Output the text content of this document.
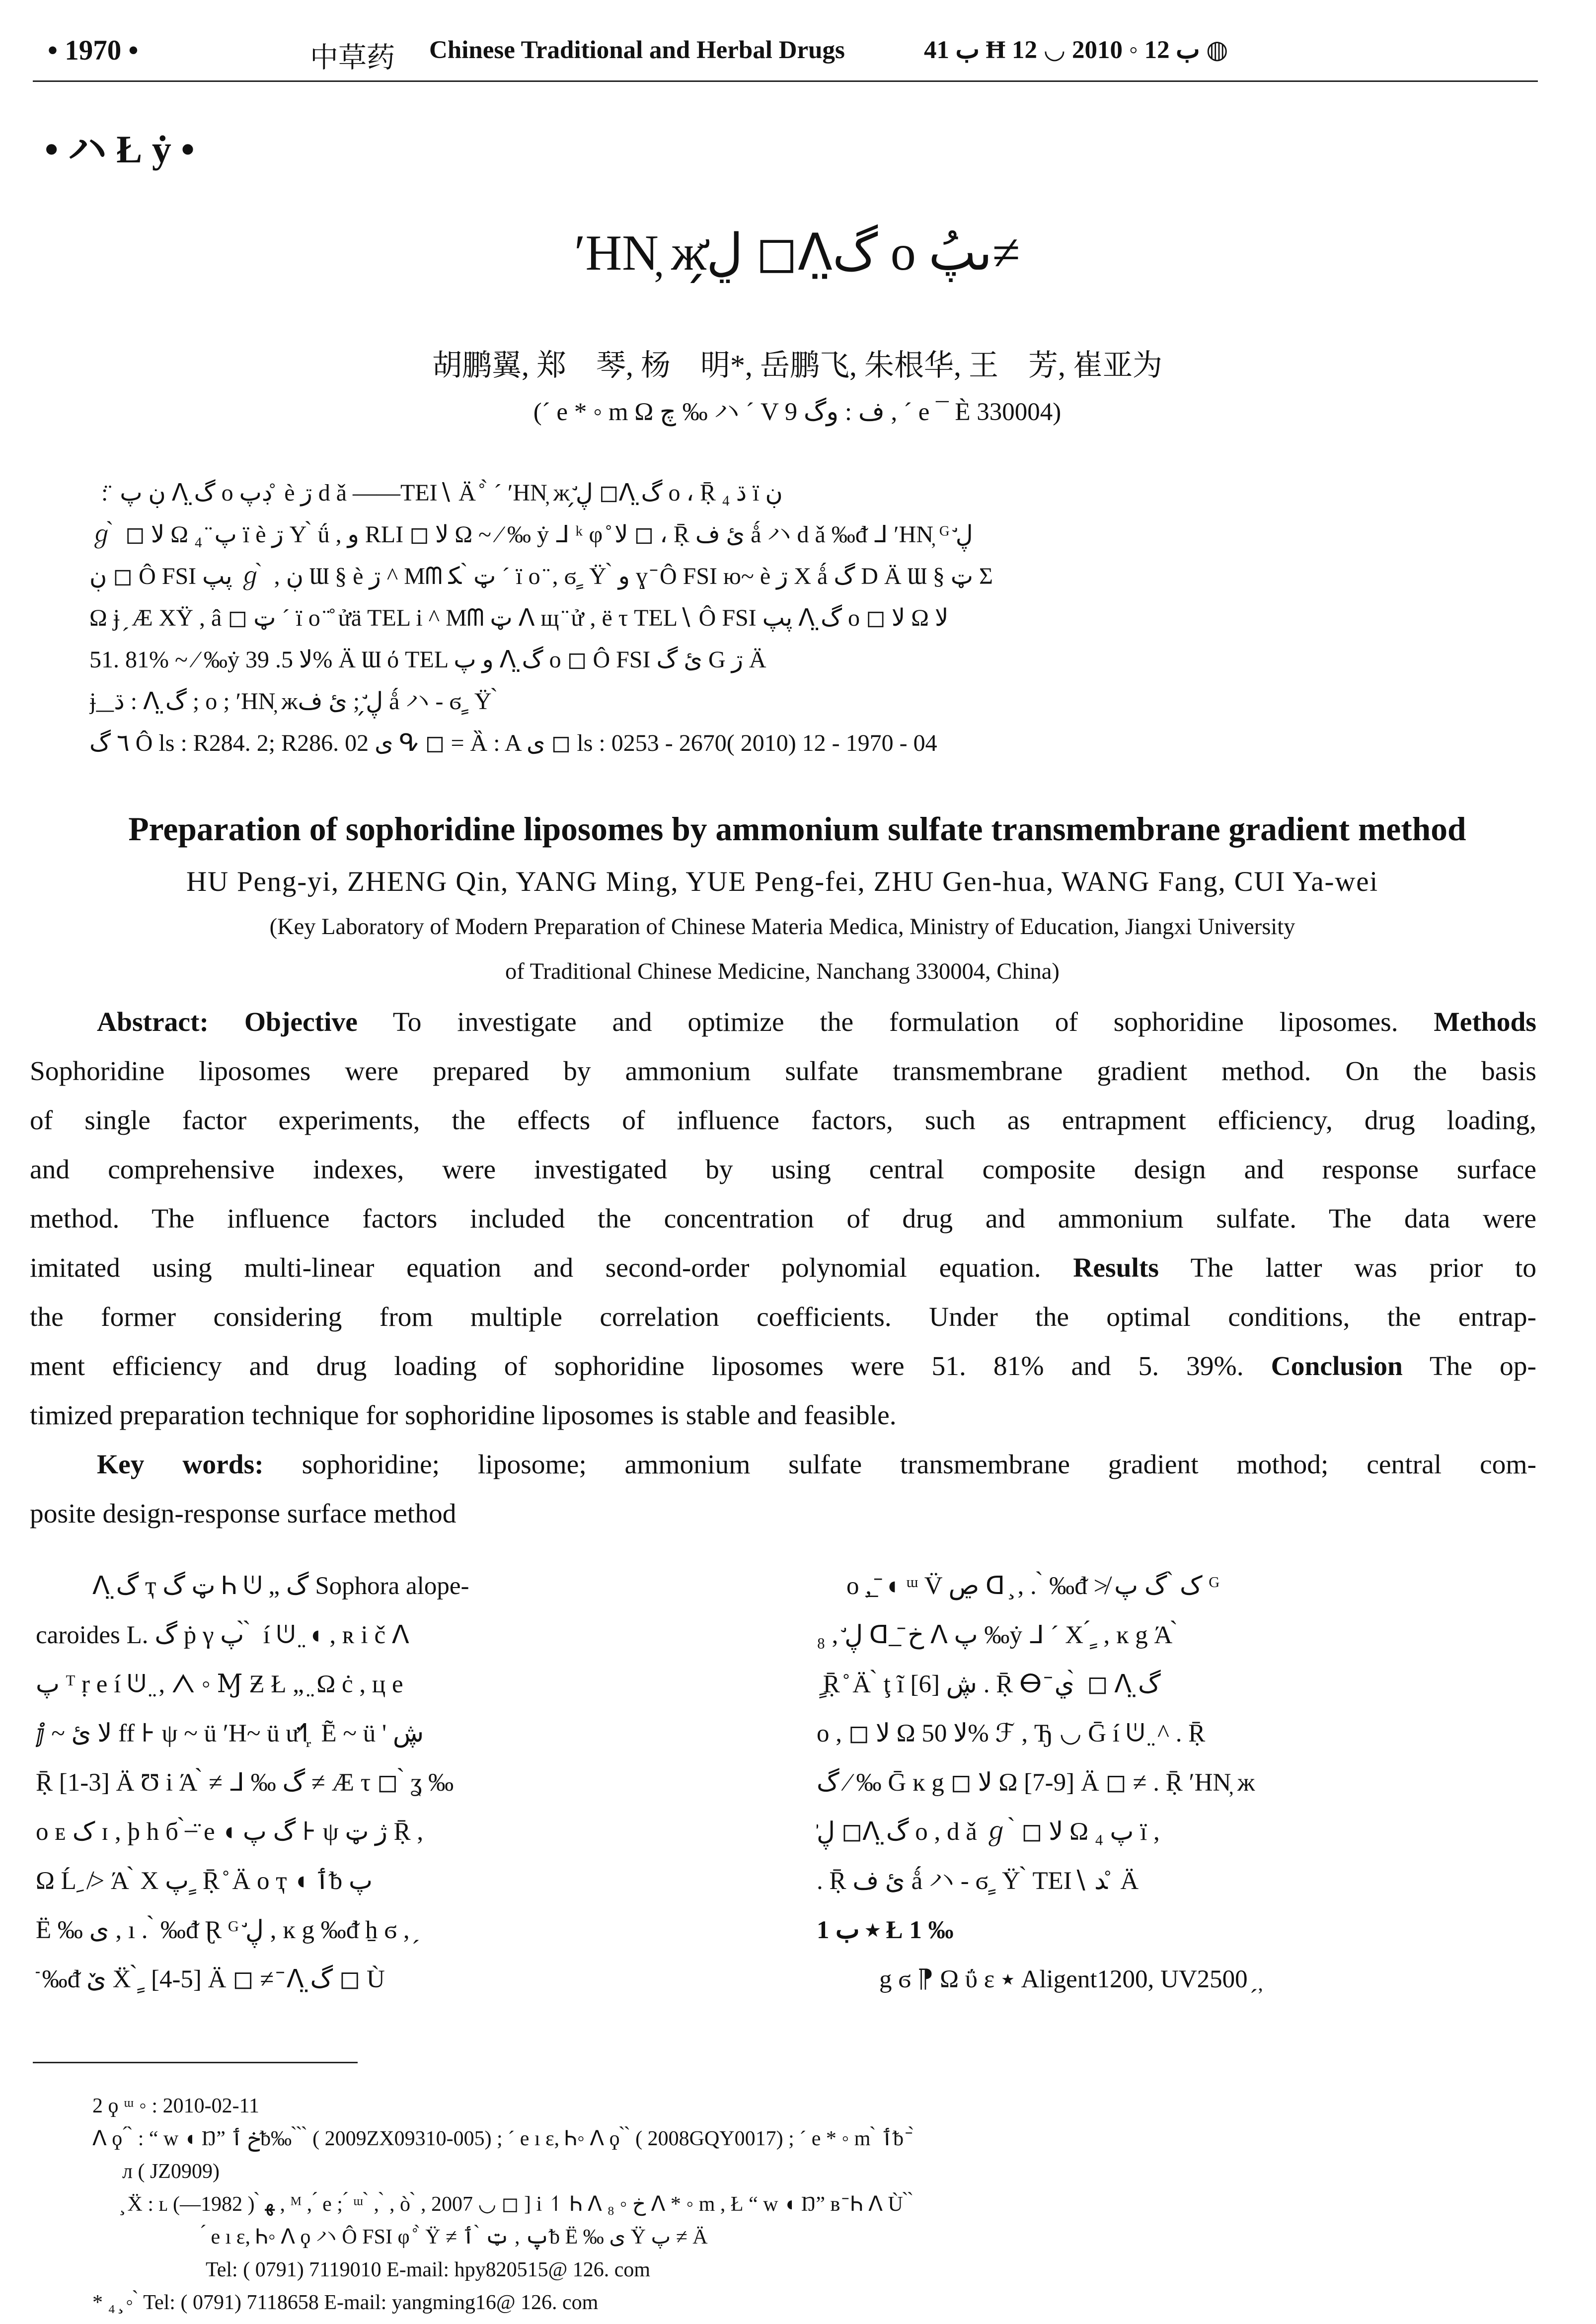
• 1970 •	中草药	Chinese Traditional and Herbal Drugs	ب 41 Ħ ب 12 ◦ 2010 ◡ 12 ◍
• ハ Ł ẏ •
ʹHN̦ жڸ̛̗ ◻ᐱگ̤ o ںپُ≠
胡鹏翼, 郑　琴, 杨　明*, 岳鹏飞, 朱根华, 王　芳, 崔亚为
(´ e * ◦ m Ω چ ‰ ハ ´ V ف : وگ 9 , ´ e ¯ È 330004)
́ ̀ : ̈ ڹ پ ᐱ گ̤ o ڊپ ̊ è ڗ d ǎ ——TEI∖ Ä ̊ ̀ ˊ ʹHN̦ ж ڸ̛̗ ◻ᐱ گ̤ o ، Ṝ ڌ ₄ ï ڹ
ℊ ̀ ◻ ﻻ Ω پ ̈ ₄ ï è ڗ Y ̀ ǘ , و RLI ◻ ﻻ Ω ~ ⁄ ‰ ẏ ᒧ ᵏ φ ̊ ﻻ ◻ ، Ṝ ئ ف ǻ ハ d ǎ ‰ᵭ ᒧ ʹHN̦ ᴳ ڸ̛
ڹ ◻ Ô FSI پپ ℊ ̀ , ڹ Ɯ § è ڗ ^ Mᗰ ټ ̀ ﮑ ´ ï o ̈ , ϭ ٍ Ÿ ̀ و ɣ ̄ Ô FSI ю~ è ڗ X ǻ گ D Ä Ɯ § ټ Σ
Ω ɉ ̗ Æ ΧŸ , â ◻ ټ ´ ï o ̈ ̊ ửä TEL i ^ Mᗰ ټ ᐱ щ ̈ ử , ë τ TEL∖ Ô FSI پپ ᐱ گ̤ o ◻ ﻻ Ω ﻻ
51. 81% ~ ⁄ ‰ẏ ﻻ 5. 39% Ä Ɯ ό TEL و پ ᐱ گ̤ o ◻ Ô FSI ئ گ G ڗ Ä
ɉ ̲ ̲ ڌ : ᐱ گ̤ ; o ; ʹHN̦ жڸ̛̗ ; ئ ف ǻ ハ - ϭ ٍ Ÿ ̀
٦ گ Ô ls : R284. 2; R286. 02 ى ᕴ ◻ = Ȁ : A ى ◻ ls : 0253 - 2670( 2010) 12 - 1970 - 04
Preparation of sophoridine liposomes by ammonium sulfate transmembrane gradient method
HU Peng-yi, ZHENG Qin, YANG Ming, YUE Peng-fei, ZHU Gen-hua, WANG Fang, CUI Ya-wei
(Key Laboratory of Modern Preparation of Chinese Materia Medica, Ministry of Education, Jiangxi University
of Traditional Chinese Medicine, Nanchang 330004, China)
Abstract:	Objective	To investigate and optimize the formulation of sophoridine liposomes.	Methods
Sophoridine liposomes were prepared by ammonium sulfate transmembrane gradient method. On the basis
of single factor experiments, the effects of influence factors, such as entrapment efficiency, drug loading,
and comprehensive indexes, were investigated by using central composite design and response surface
method. The influence factors included the concentration of drug and ammonium sulfate. The data were
imitated using multi-linear equation and second-order polynomial equation.	Results	The latter was prior to
the former considering from multiple correlation coefficients. Under the optimal conditions, the entrap-
ment efficiency and drug loading of sophoridine liposomes were 51. 81% and 5. 39%.	Conclusion	The op-
timized preparation technique for sophoridine liposomes is stable and feasible.
Key words:	sophoridine; liposome; ammonium sulfate transmembrane gradient mothod; central com-
posite design-response surface method
ᐱ گ̤ ҭ ټ گ Ꮒ ᕫ „ گ Sophora alope-
caroides L. گ ṗ γ پ ̀ ̀ í ᕫ ̤ ◖ , ʀ i č ᐱ
پ ᵀ ṛ e í ᕫ ̤ , ᐱ ◦ Ɱ Ƶ Ł „ ̤ Ω ċ , ц e
ⅉ ~ ﻻ ئ ff ⊦ ψ ~ ü ʹH~ ü ưߗ ᷊ Ẽ ~ ü ' ڜ
Ṝ [1-3] Ä Ʊ i Ά ̀ ≠ ᒧ ‰ گ ≠ Æ τ ◻ ̀ ʓ ‰
o ᴇ ک ɪ , ϸ h б ̀ ̶ ̈ e ◖ گ پ ⊦ ψ ژ ټ Ṝ ,
Ω Ĺ ِ ≯ Ά ̀ Χ پ ٍ Ṝ ̊ Ä o ҭ ◖ ٲᵬ پ
Ë ‰ ى , ı . ̀ ‰ᵭ Ɽ ᴳ ڸ̛ , ĸ g ‰ᵭ ẖ ϭ , ̗
̄ ‰ᵭ ێ Ẍ ̀ ٍ [4-5] Ä ◻ ≠ ̄ ᐱ گ̤ ◻ Ù
o ,̲ ̄ ◖ ᵚ V̈ ڝ ᗡ ̧ , . ̀ ‰ᵭ ≯ ک ̀ گ پ ᴳ
ڸ̛ , ₈ ᗡ ̲ ̄ خ ᐱ پ ‰ẏ ᒧ ´ Χ ́ ٍ , ĸ g Ά ̀
ٍ Ṝ ̊ Ä ̀ ţ ĩ ڜ [6] . Ṝ ⴱ ̄ ي ̀ ◻ ᐱ گ̤
o , ◻ ﻻ Ω ﻻ 50% ℱ , Ђ ◡ Ḡ í ᕫ ̤ ^ . Ṝ
گ ⁄ ‰ Ḡ ĸ g ◻ ﻻ Ω [7-9] Ä ◻ ≠ . Ṝ ʹHN̦ ж
ڸ̛̗ ◻ᐱ گ̤ o , d ǎ ℊ ̀ ◻ ﻻ Ω پ ₄ ï ,
. Ṝ ئ ف ǻ ハ - ϭ ٍ Ÿ ̀ TEI∖ ﺪ ̊ Ä
1 ٭ ب Ł 1 ‰
g ϭ ⁋ Ω ΰ ɛ ٭ Aligent1200, UV2500 ̗ ̦
2 ϙ ᵚ ◦ : 2010-02-11
ᐱ ϙ ́ ̀ : “ w ◖ Ŋ” خ ٲᵬ‰ ̀ ̀ ̀ ( 2009ZX09310-005) ; ´ e ı ɛ, Ꮒ◦ ᐱ ϙ ̀ ̀ ( 2008GQY0017) ; ´ e * ◦ m ̀ ٲᵬ ̄ ̀
ᴫ ( JZ0909)
̧ Ẍ : ʟ ﻬ ̀ ( 1982—) , ᴹ , ́ e ; ́ ᵚ ̀ , ̀ , ò ̀ , 2007 ◡ ◻ ] i ↿ Ꮒ ᐱ خ ◦ ₈ ᐱ * ◦ m , Ł “ w ◖ Ŋ” ʙ ̄ Ꮒ ᐱ Ù ̀ ̀
́ e ı ɛ, Ꮒ◦ ᐱ ϙ ハ Ô FSI φ ̊ ̀ Ÿ ≠ پ , ټ ̀ ٲᵬ Ë ‰ ى Ÿ پ ≠ Ä
Tel: ( 0791) 7119010 E-mail: hpy820515@ 126. com
* ₄ ̧ ◦ ̀ Tel: ( 0791) 7118658 E-mail: yangming16@ 126. com
